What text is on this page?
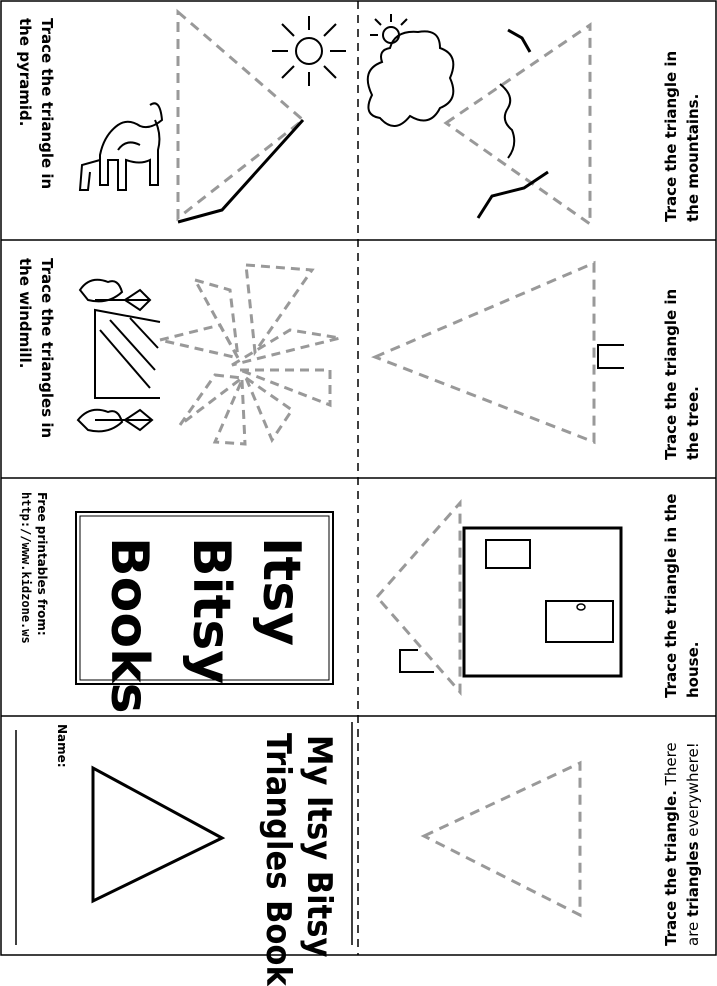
Trace the triangle in the pyramid.
Trace the triangles in the windmill.
Itsy
Bitsy
Books
Free printables from:
http://www.kidzone.ws
My Itsy Bitsy
Triangles Book
Name:
Trace the triangle in the mountains.
Trace the triangle in the tree.
Trace the triangle in the house.
Trace the triangle. There
are triangles everywhere!
